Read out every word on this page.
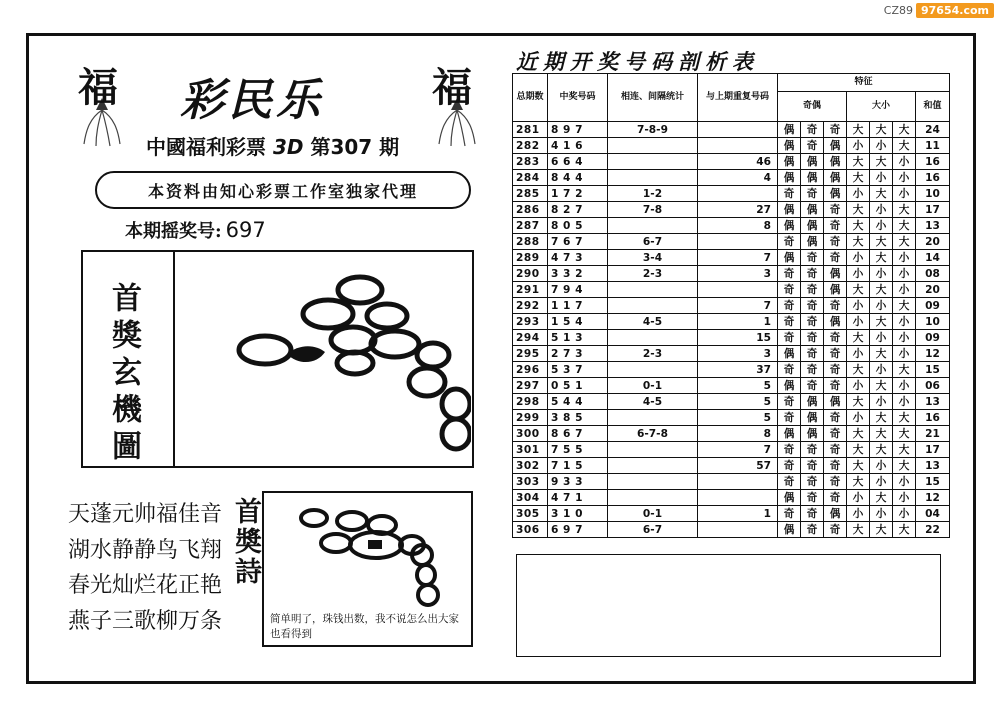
CZ89 97654.com
福	福
彩民乐
中國福利彩票 3D 第307 期
本资料由知心彩票工作室独家代理
本期摇奖号: 697
首獎玄機圖
天蓬元帅福佳音
湖水静静鸟飞翔
春光灿烂花正艳
燕子三歌柳万条
首奬詩
简单明了，珠钱出数，我不说怎么出大家也看得到
近期开奖号码剖析表
总期数	中奖号码	相连、间隔统计	与上期重复号码	特征						
				奇偶			大小			和值
281	8 9 7	7-8-9		偶	奇	奇	大	大	大	24
282	4 1 6			偶	奇	偶	小	小	大	11
283	6 6 4		46	偶	偶	偶	大	大	小	16
284	8 4 4		4	偶	偶	偶	大	小	小	16
285	1 7 2	1-2		奇	奇	偶	小	大	小	10
286	8 2 7	7-8	27	偶	偶	奇	大	小	大	17
287	8 0 5		8	偶	偶	奇	大	小	大	13
288	7 6 7	6-7		奇	偶	奇	大	大	大	20
289	4 7 3	3-4	7	偶	奇	奇	小	大	小	14
290	3 3 2	2-3	3	奇	奇	偶	小	小	小	08
291	7 9 4			奇	奇	偶	大	大	小	20
292	1 1 7		7	奇	奇	奇	小	小	大	09
293	1 5 4	4-5	1	奇	奇	偶	小	大	小	10
294	5 1 3		15	奇	奇	奇	大	小	小	09
295	2 7 3	2-3	3	偶	奇	奇	小	大	小	12
296	5 3 7		37	奇	奇	奇	大	小	大	15
297	0 5 1	0-1	5	偶	奇	奇	小	大	小	06
298	5 4 4	4-5	5	奇	偶	偶	大	小	小	13
299	3 8 5		5	奇	偶	奇	小	大	大	16
300	8 6 7	6-7-8	8	偶	偶	奇	大	大	大	21
301	7 5 5		7	奇	奇	奇	大	大	大	17
302	7 1 5		57	奇	奇	奇	大	小	大	13
303	9 3 3			奇	奇	奇	大	小	小	15
304	4 7 1			偶	奇	奇	小	大	小	12
305	3 1 0	0-1	1	奇	奇	偶	小	小	小	04
306	6 9 7	6-7		偶	奇	奇	大	大	大	22
